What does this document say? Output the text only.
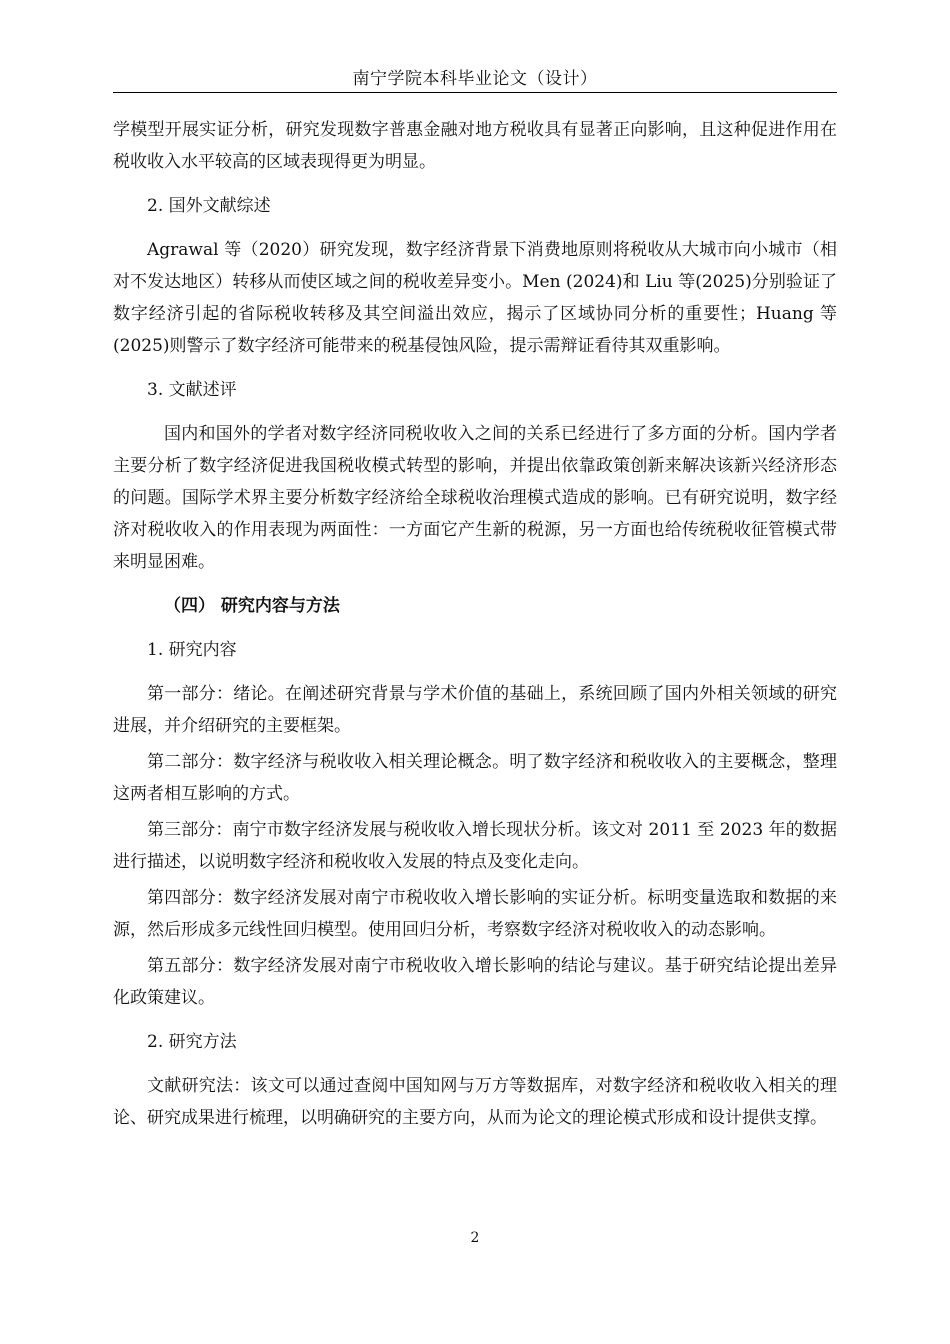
南宁学院本科毕业论文（设计）

学模型开展实证分析，研究发现数字普惠金融对地方税收具有显著正向影响，且这种促进作用在税收收入水平较高的区域表现得更为明显。

2. 国外文献综述

Agrawal 等（2020）研究发现，数字经济背景下消费地原则将税收从大城市向小城市（相对不发达地区）转移从而使区域之间的税收差异变小。Men (2024)和 Liu 等(2025)分别验证了数字经济引起的省际税收转移及其空间溢出效应，揭示了区域协同分析的重要性；Huang 等(2025)则警示了数字经济可能带来的税基侵蚀风险，提示需辩证看待其双重影响。

3. 文献述评

国内和国外的学者对数字经济同税收收入之间的关系已经进行了多方面的分析。国内学者主要分析了数字经济促进我国税收模式转型的影响，并提出依靠政策创新来解决该新兴经济形态的问题。国际学术界主要分析数字经济给全球税收治理模式造成的影响。已有研究说明，数字经济对税收收入的作用表现为两面性：一方面它产生新的税源，另一方面也给传统税收征管模式带来明显困难。

（四） 研究内容与方法

1. 研究内容

第一部分：绪论。在阐述研究背景与学术价值的基础上，系统回顾了国内外相关领域的研究进展，并介绍研究的主要框架。

第二部分：数字经济与税收收入相关理论概念。明了数字经济和税收收入的主要概念，整理这两者相互影响的方式。

第三部分：南宁市数字经济发展与税收收入增长现状分析。该文对 2011 至 2023 年的数据进行描述，以说明数字经济和税收收入发展的特点及变化走向。

第四部分：数字经济发展对南宁市税收收入增长影响的实证分析。标明变量选取和数据的来源，然后形成多元线性回归模型。使用回归分析，考察数字经济对税收收入的动态影响。

第五部分：数字经济发展对南宁市税收收入增长影响的结论与建议。基于研究结论提出差异化政策建议。

2. 研究方法

文献研究法：该文可以通过查阅中国知网与万方等数据库，对数字经济和税收收入相关的理论、研究成果进行梳理，以明确研究的主要方向，从而为论文的理论模式形成和设计提供支撑。

2
